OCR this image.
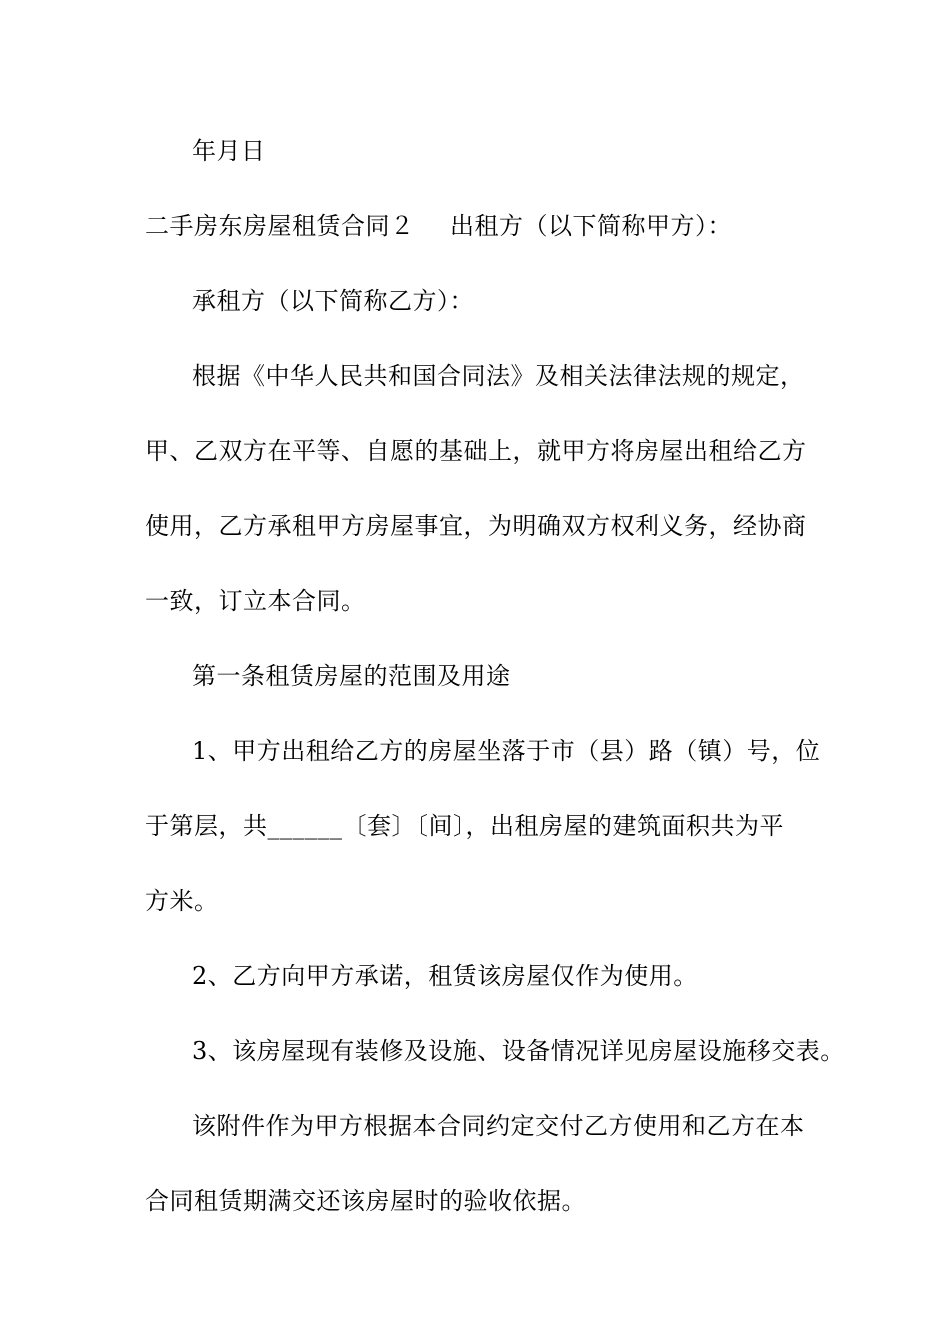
年月日
二手房东房屋租赁合同２ 出租方（以下简称甲方）：
承租方（以下简称乙方）：
根据《中华人民共和国合同法》及相关法律法规的规定，
甲、乙双方在平等、自愿的基础上，就甲方将房屋出租给乙方
使用，乙方承租甲方房屋事宜，为明确双方权利义务，经协商
一致，订立本合同。
第一条租赁房屋的范围及用途
1、甲方出租给乙方的房屋坐落于市（县）路（镇）号，位
于第层，共______〔套〕〔间〕，出租房屋的建筑面积共为平
方米。
2、乙方向甲方承诺，租赁该房屋仅作为使用。
3、该房屋现有装修及设施、设备情况详见房屋设施移交表。
该附件作为甲方根据本合同约定交付乙方使用和乙方在本
合同租赁期满交还该房屋时的验收依据。
